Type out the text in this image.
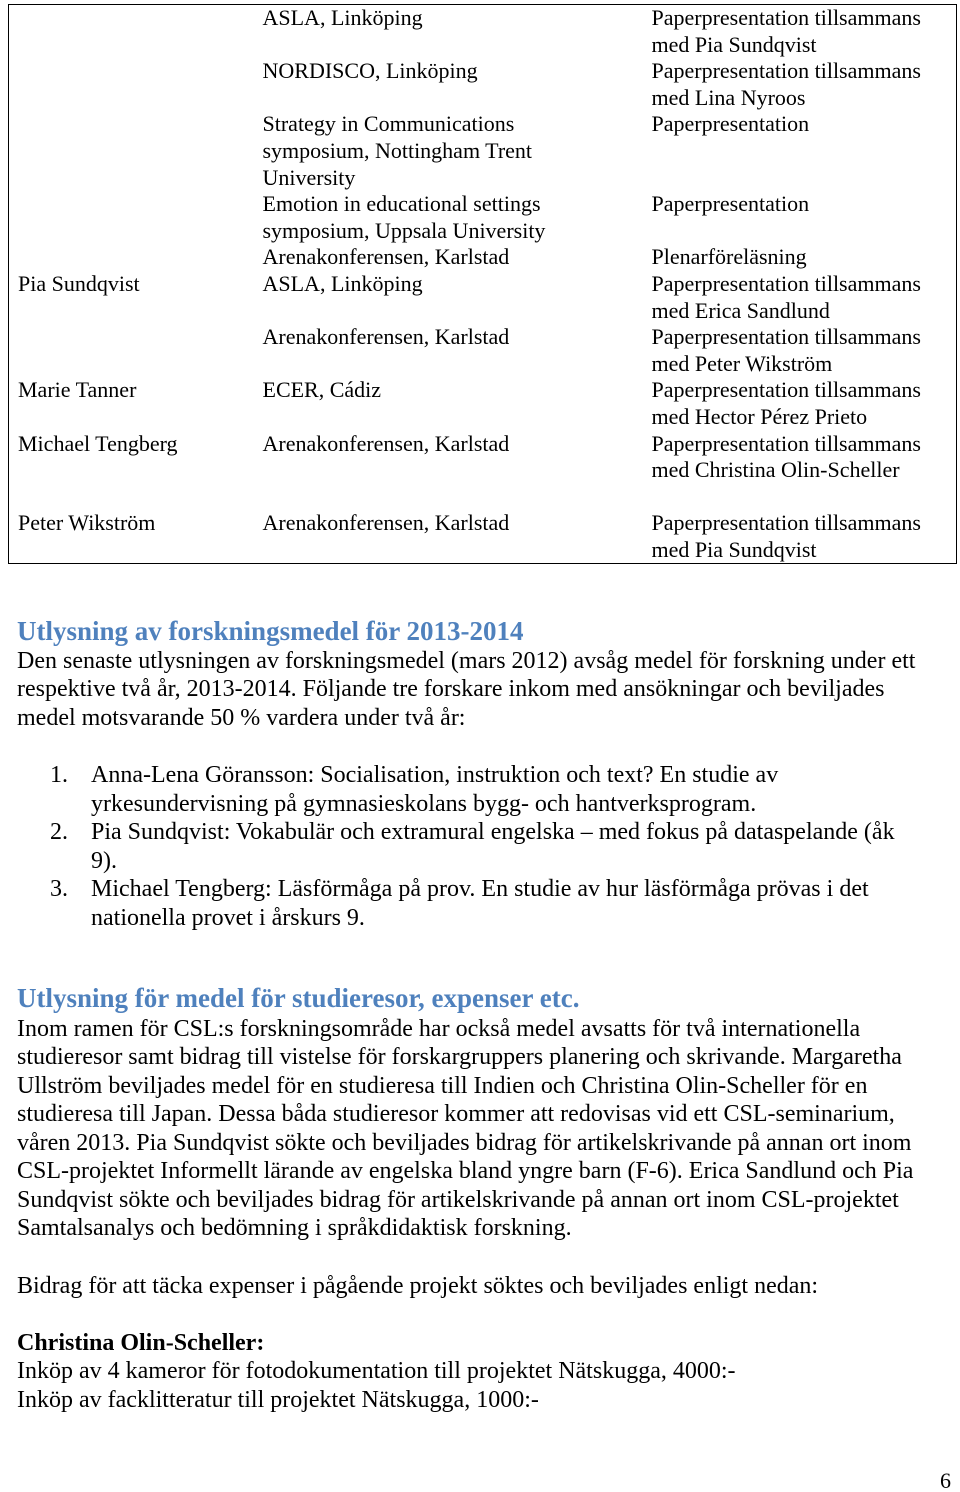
	ASLA, Linköping	Paperpresentation tillsammans
med Pia Sundqvist

	NORDISCO, Linköping	Paperpresentation tillsammans
med Lina Nyroos

	Strategy in Communications
symposium, Nottingham Trent
University	Paperpresentation

	Emotion in educational settings
symposium, Uppsala University	Paperpresentation

	Arenakonferensen, Karlstad	Plenarföreläsning

Pia Sundqvist	ASLA, Linköping	Paperpresentation tillsammans
med Erica Sandlund

	Arenakonferensen, Karlstad	Paperpresentation tillsammans
med Peter Wikström

Marie Tanner	ECER, Cádiz	Paperpresentation tillsammans
med Hector Pérez Prieto

Michael Tengberg	Arenakonferensen, Karlstad	Paperpresentation tillsammans
med Christina Olin-Scheller

Peter Wikström	Arenakonferensen, Karlstad	Paperpresentation tillsammans
med Pia Sundqvist
Utlysning av forskningsmedel för 2013-2014
Den senaste utlysningen av forskningsmedel (mars 2012) avsåg medel för forskning under ett
respektive två år, 2013-2014. Följande tre forskare inkom med ansökningar och beviljades
medel motsvarande 50 % vardera under två år:
1. Anna-Lena Göransson: Socialisation, instruktion och text? En studie av
yrkesundervisning på gymnasieskolans bygg- och hantverksprogram.
2. Pia Sundqvist: Vokabulär och extramural engelska – med fokus på dataspelande (åk
9).
3. Michael Tengberg: Läsförmåga på prov. En studie av hur läsförmåga prövas i det
nationella provet i årskurs 9.
Utlysning för medel för studieresor, expenser etc.
Inom ramen för CSL:s forskningsområde har också medel avsatts för två internationella
studieresor samt bidrag till vistelse för forskargruppers planering och skrivande. Margaretha
Ullström beviljades medel för en studieresa till Indien och Christina Olin-Scheller för en
studieresa till Japan. Dessa båda studieresor kommer att redovisas vid ett CSL-seminarium,
våren 2013. Pia Sundqvist sökte och beviljades bidrag för artikelskrivande på annan ort inom
CSL-projektet Informellt lärande av engelska bland yngre barn (F-6). Erica Sandlund och Pia
Sundqvist sökte och beviljades bidrag för artikelskrivande på annan ort inom CSL-projektet
Samtalsanalys och bedömning i språkdidaktisk forskning.
Bidrag för att täcka expenser i pågående projekt söktes och beviljades enligt nedan:
Christina Olin-Scheller:
Inköp av 4 kameror för fotodokumentation till projektet Nätskugga, 4000:-
Inköp av facklitteratur till projektet Nätskugga, 1000:-
6
